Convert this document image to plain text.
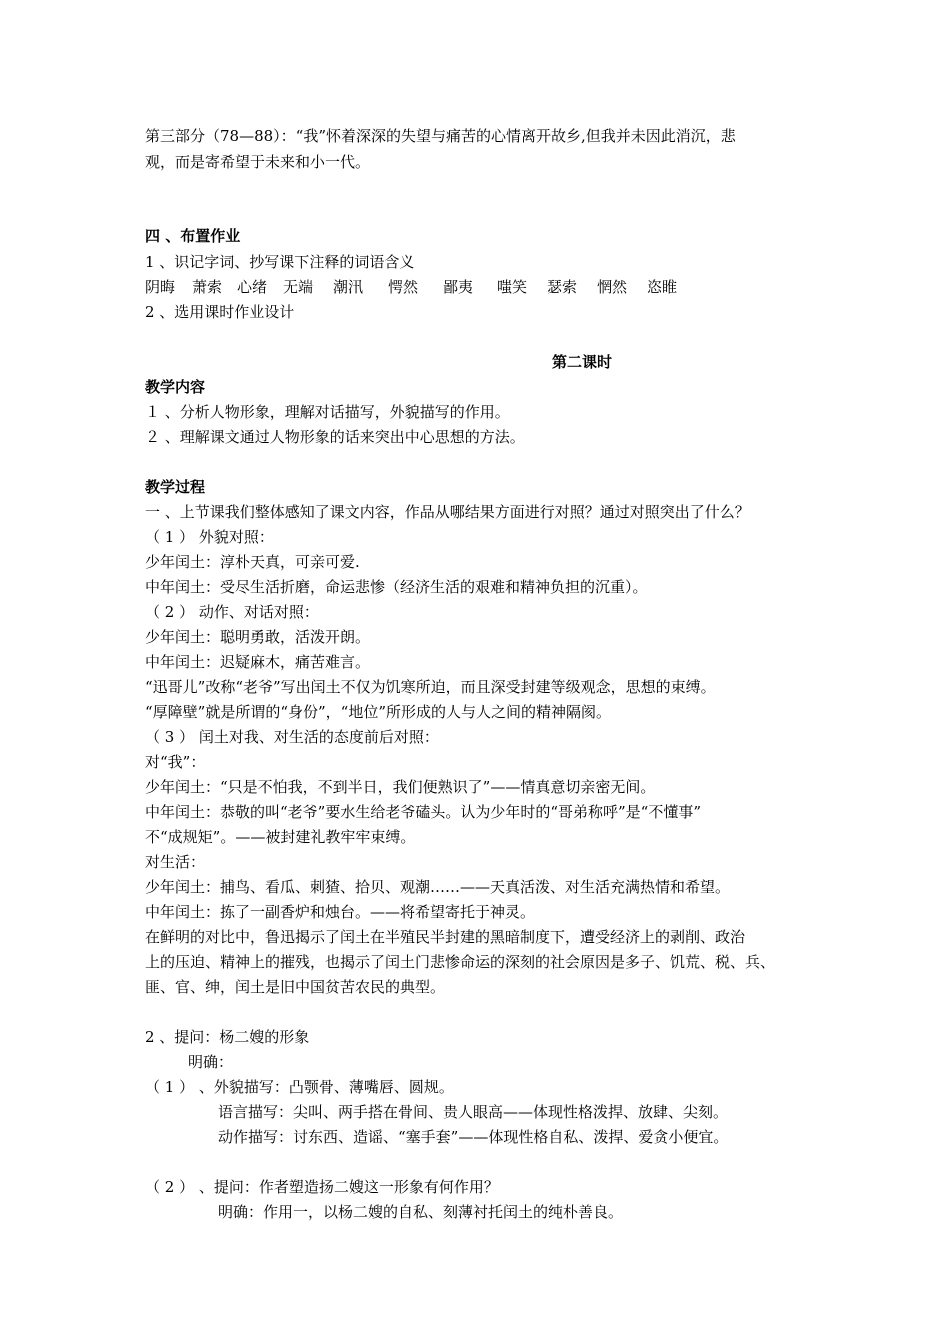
第三部分（78—88）：“我”怀着深深的失望与痛苦的心情离开故乡,但我并未因此消沉，悲
观，而是寄希望于未来和小一代。
四 、布置作业
1 、识记字词、抄写课下注释的词语含义
阴晦 萧索 心绪 无端 潮汛 愕然 鄙夷 嗤笑 瑟索 惘然 恣睢
2 、选用课时作业设计
第二课时
教学内容
１ 、分析人物形象，理解对话描写，外貌描写的作用。
２ 、理解课文通过人物形象的话来突出中心思想的方法。
教学过程
一 、上节课我们整体感知了课文内容，作品从哪结果方面进行对照？通过对照突出了什么？
（ 1 ） 外貌对照：
少年闰土：淳朴天真，可亲可爱.
中年闰土：受尽生活折磨，命运悲惨（经济生活的艰难和精神负担的沉重）。
（ 2 ） 动作、对话对照：
少年闰土：聪明勇敢，活泼开朗。
中年闰土：迟疑麻木，痛苦难言。
“迅哥儿”改称“老爷”写出闰土不仅为饥寒所迫，而且深受封建等级观念，思想的束缚。
“厚障壁”就是所谓的“身份”，“地位”所形成的人与人之间的精神隔阂。
（ 3 ） 闰土对我、对生活的态度前后对照：
对“我”：
少年闰土：“只是不怕我，不到半日，我们便熟识了”——情真意切亲密无间。
中年闰土：恭敬的叫“老爷”要水生给老爷磕头。认为少年时的“哥弟称呼”是“不懂事”
不“成规矩”。——被封建礼教牢牢束缚。
对生活：
少年闰土：捕鸟、看瓜、刺猹、拾贝、观潮……——天真活泼、对生活充满热情和希望。
中年闰土：拣了一副香炉和烛台。——将希望寄托于神灵。
在鲜明的对比中，鲁迅揭示了闰土在半殖民半封建的黑暗制度下，遭受经济上的剥削、政治
上的压迫、精神上的摧残，也揭示了闰土门悲惨命运的深刻的社会原因是多子、饥荒、税、兵、
匪、官、绅，闰土是旧中国贫苦农民的典型。
2 、提问：杨二嫂的形象
明确：
（ 1 ） 、外貌描写：凸颚骨、薄嘴唇、圆规。
语言描写：尖叫、两手搭在骨间、贵人眼高——体现性格泼捍、放肆、尖刻。
动作描写：讨东西、造谣、“塞手套”——体现性格自私、泼捍、爱贪小便宜。
（ 2 ） 、提问：作者塑造扬二嫂这一形象有何作用？
明确：作用一，以杨二嫂的自私、刻薄衬托闰土的纯朴善良。
